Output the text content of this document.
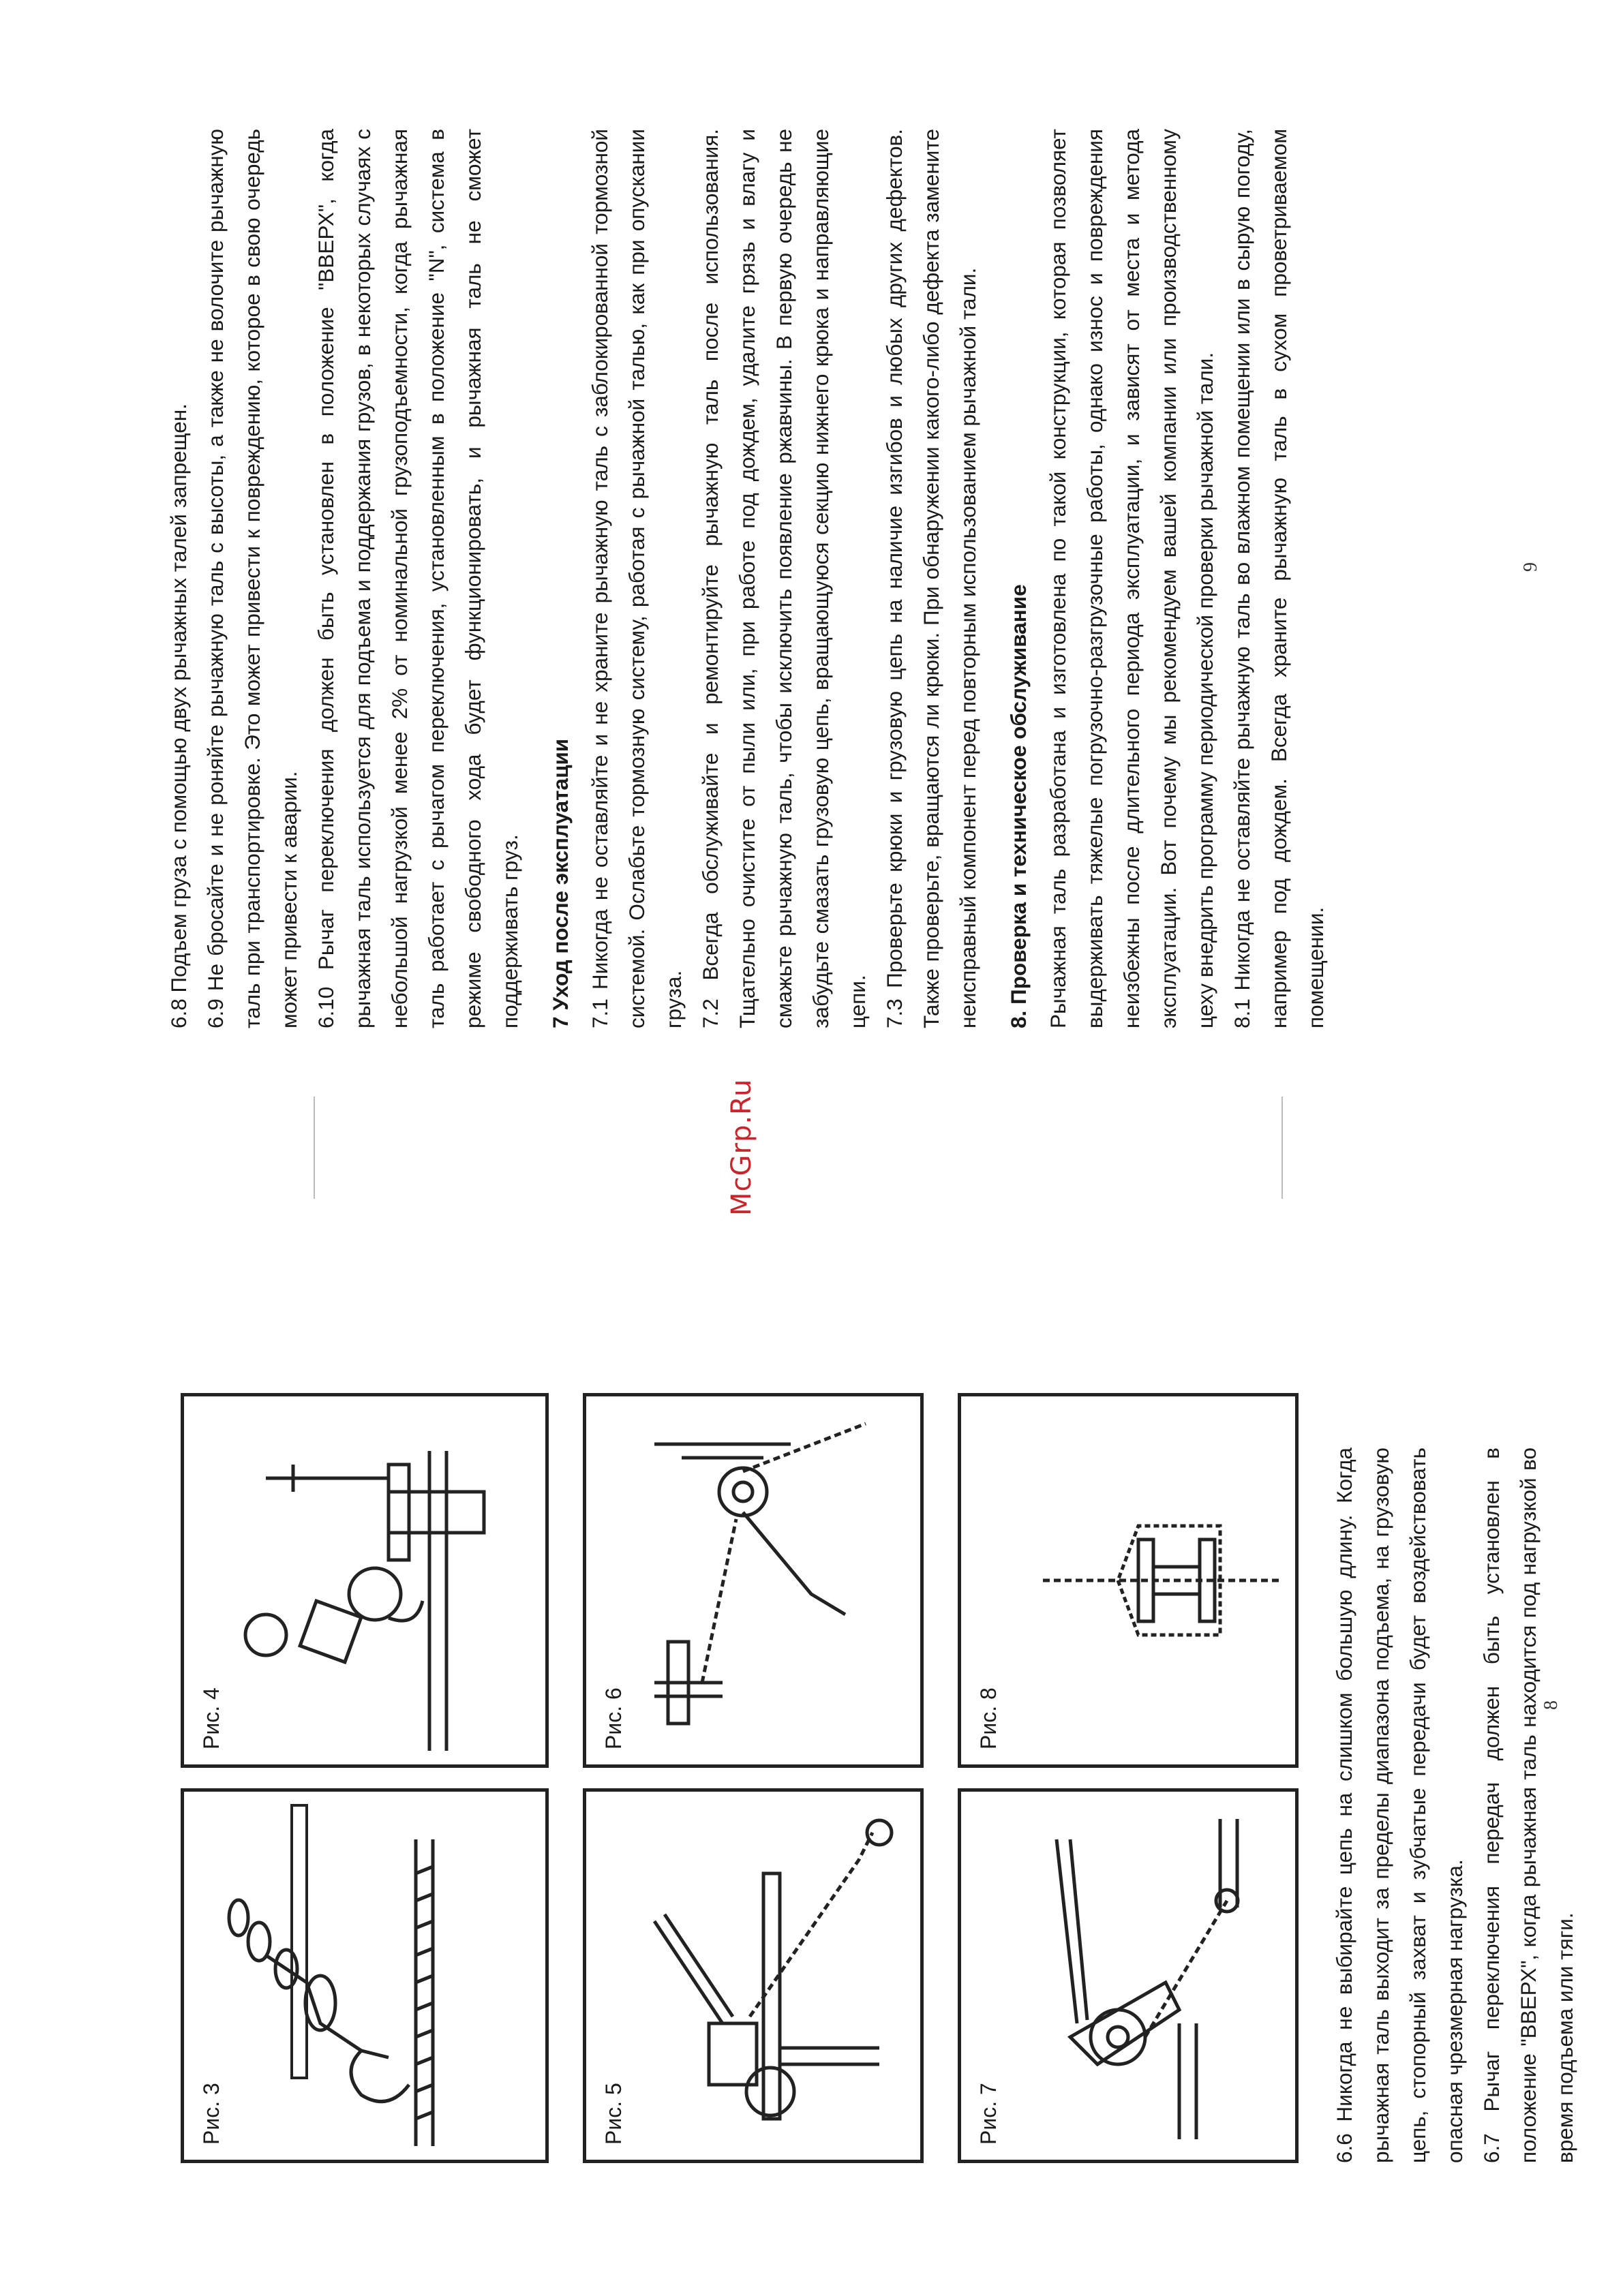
Рис. 3
Рис. 4
Рис. 5
Рис. 6
Рис. 7
Рис. 8	6.6 Никогда не выбирайте цепь на слишком большую длину. Когда рычажная таль выходит за пределы диапазона подъема, на грузовую цепь, стопорный захват и зубчатые передачи будет воздействовать опасная чрезмерная нагрузка. 6.7 Рычаг переключения передач должен быть установлен в положение "ВВЕРХ", когда рычажная таль находится под нагрузкой во время подъема или тяги.

8
McGrp.Ru

6.8 Подъем груза с помощью двух рычажных талей запрещен. 6.9 Не бросайте и не роняйте рычажную таль с высоты, а также не волочите рычажную таль при транспортировке. Это может привести к повреждению, которое в свою очередь может привести к аварии. 6.10 Рычаг переключения должен быть установлен в положение "ВВЕРХ", когда рычажная таль используется для подъема и поддержания грузов, в некоторых случаях с небольшой нагрузкой менее 2% от номинальной грузоподъемности, когда рычажная таль работает с рычагом переключения, установленным в положение "N", система в режиме свободного хода будет функционировать, и рычажная таль не сможет поддерживать груз. 7 Уход после эксплуатации 7.1 Никогда не оставляйте и не храните рычажную таль с заблокированной тормозной системой. Ослабьте тормозную систему, работая с рычажной талью, как при опускании груза. 7.2 Всегда обслуживайте и ремонтируйте рычажную таль после использования. Тщательно очистите от пыли или, при работе под дождем, удалите грязь и влагу и смажьте рычажную таль, чтобы исключить появление ржавчины. В первую очередь не забудьте смазать грузовую цепь, вращающуюся секцию нижнего крюка и направляющие цепи. 7.3 Проверьте крюки и грузовую цепь на наличие изгибов и любых других дефектов. Также проверьте, вращаются ли крюки. При обнаружении какого-либо дефекта замените неисправный компонент перед повторным использованием рычажной тали. 8. Проверка и техническое обслуживание Рычажная таль разработана и изготовлена по такой конструкции, которая позволяет выдерживать тяжелые погрузочно-разгрузочные работы, однако износ и повреждения неизбежны после длительного периода эксплуатации, и зависят от места и метода эксплуатации. Вот почему мы рекомендуем вашей компании или производственному цеху внедрить программу периодической проверки рычажной тали. 8.1 Никогда не оставляйте рычажную таль во влажном помещении или в сырую погоду, например под дождем. Всегда храните рычажную таль в сухом проветриваемом помещении.

9
